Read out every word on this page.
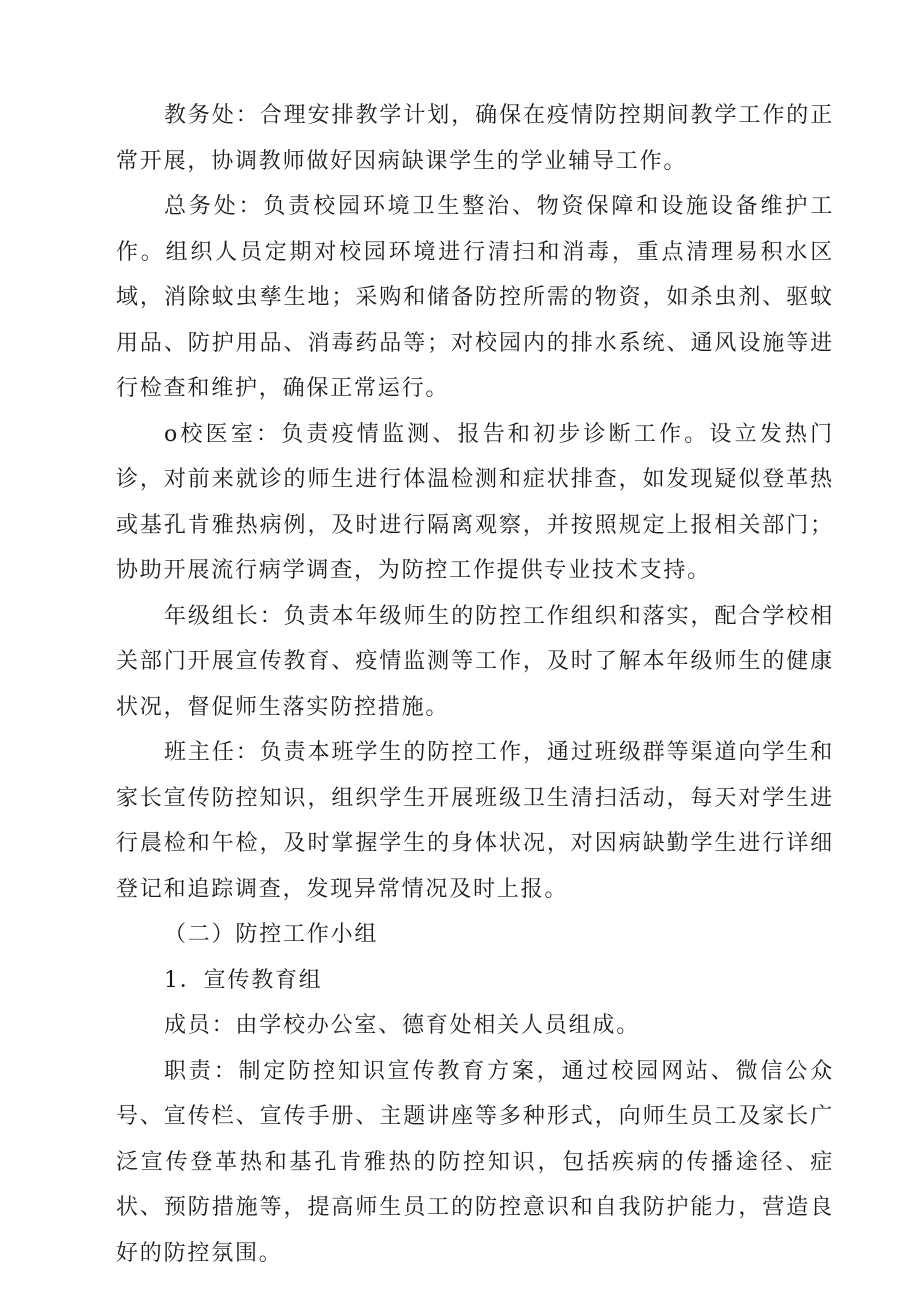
教务处：合理安排教学计划，确保在疫情防控期间教学工作的正常开展，协调教师做好因病缺课学生的学业辅导工作。

总务处：负责校园环境卫生整治、物资保障和设施设备维护工作。组织人员定期对校园环境进行清扫和消毒，重点清理易积水区域，消除蚊虫孳生地；采购和储备防控所需的物资，如杀虫剂、驱蚊用品、防护用品、消毒药品等；对校园内的排水系统、通风设施等进行检查和维护，确保正常运行。

o校医室：负责疫情监测、报告和初步诊断工作。设立发热门诊，对前来就诊的师生进行体温检测和症状排查，如发现疑似登革热或基孔肯雅热病例，及时进行隔离观察，并按照规定上报相关部门；协助开展流行病学调查，为防控工作提供专业技术支持。

年级组长：负责本年级师生的防控工作组织和落实，配合学校相关部门开展宣传教育、疫情监测等工作，及时了解本年级师生的健康状况，督促师生落实防控措施。

班主任：负责本班学生的防控工作，通过班级群等渠道向学生和家长宣传防控知识，组织学生开展班级卫生清扫活动，每天对学生进行晨检和午检，及时掌握学生的身体状况，对因病缺勤学生进行详细登记和追踪调查，发现异常情况及时上报。

（二）防控工作小组

1．宣传教育组

成员：由学校办公室、德育处相关人员组成。

职责：制定防控知识宣传教育方案，通过校园网站、微信公众号、宣传栏、宣传手册、主题讲座等多种形式，向师生员工及家长广泛宣传登革热和基孔肯雅热的防控知识，包括疾病的传播途径、症状、预防措施等，提高师生员工的防控意识和自我防护能力，营造良好的防控氛围。
